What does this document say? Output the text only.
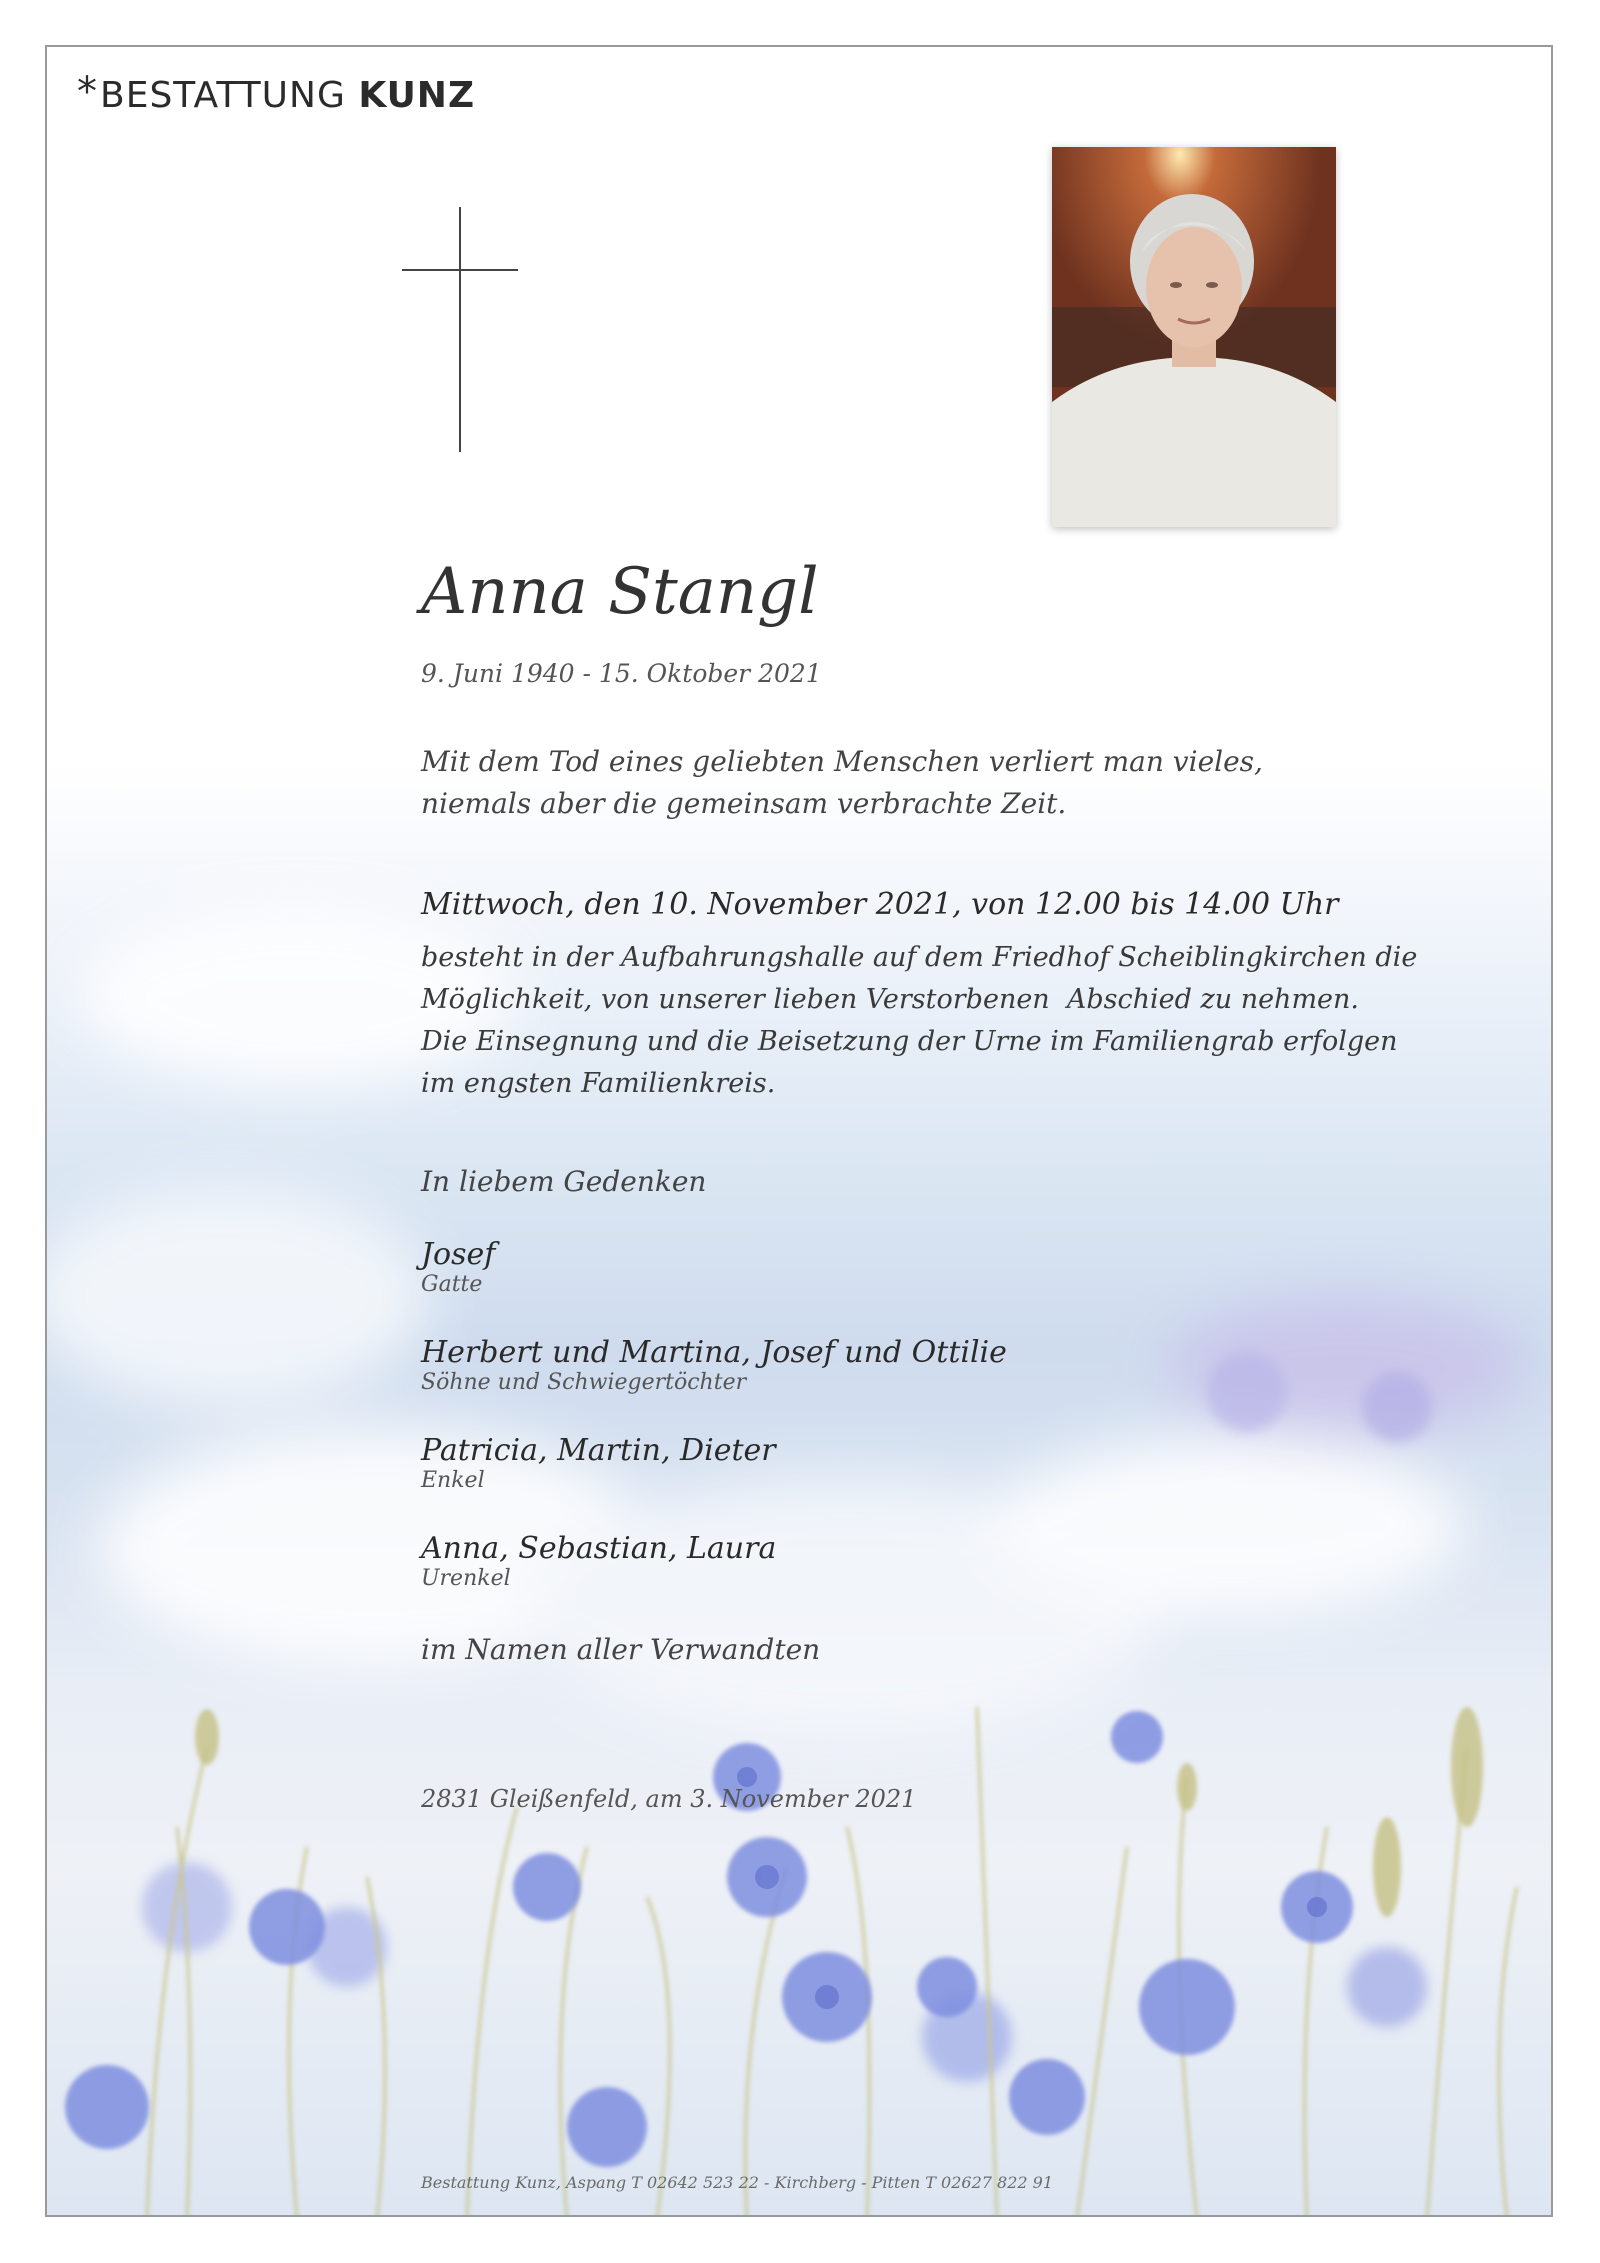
*BESTATTUNG KUNZ
Anna Stangl
9. Juni 1940 - 15. Oktober 2021
Mit dem Tod eines geliebten Menschen verliert man vieles,
niemals aber die gemeinsam verbrachte Zeit.
Mittwoch, den 10. November 2021, von 12.00 bis 14.00 Uhr
besteht in der Aufbahrungshalle auf dem Friedhof Scheiblingkirchen die
Möglichkeit, von unserer lieben Verstorbenen  Abschied zu nehmen.
Die Einsegnung und die Beisetzung der Urne im Familiengrab erfolgen
im engsten Familienkreis.
In liebem Gedenken
Josef
Gatte
Herbert und Martina, Josef und Ottilie
Söhne und Schwiegertöchter
Patricia, Martin, Dieter
Enkel
Anna, Sebastian, Laura
Urenkel
im Namen aller Verwandten
2831 Gleißenfeld, am 3. November 2021
Bestattung Kunz, Aspang T 02642 523 22 - Kirchberg - Pitten T 02627 822 91
